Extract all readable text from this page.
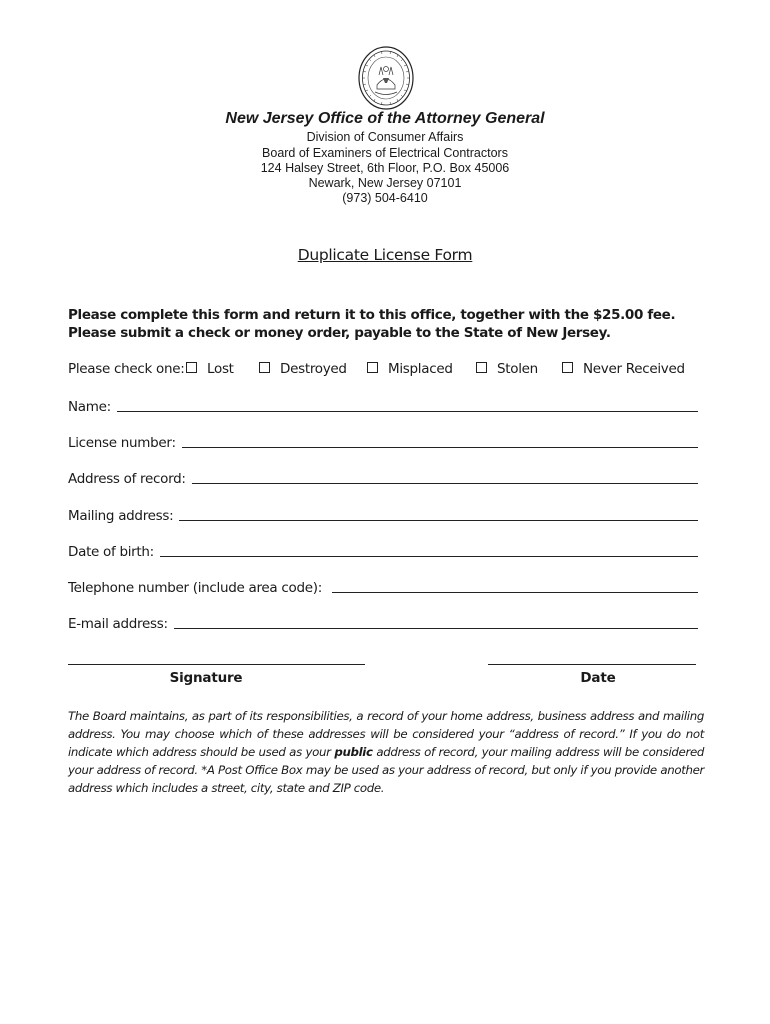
New Jersey Office of the Attorney General
Division of Consumer Affairs
Board of Examiners of Electrical Contractors
124 Halsey Street, 6th Floor, P.O. Box 45006
Newark, New Jersey 07101
(973) 504-6410
Duplicate License Form
Please complete this form and return it to this office, together with the $25.00 fee. Please submit a check or money order, payable to the State of New Jersey.
Please check one:	Lost	Destroyed	Misplaced	Stolen	Never Received
Name:
License number:
Address of record:
Mailing address:
Date of birth:
Telephone number (include area code):
E-mail address:
Signature	Date
The Board maintains, as part of its responsibilities, a record of your home address, business address and mailing address. You may choose which of these addresses will be considered your “address of record.” If you do not indicate which address should be used as your public address of record, your mailing address will be considered your address of record. *A Post Office Box may be used as your address of record, but only if you provide another address which includes a street, city, state and ZIP code.
